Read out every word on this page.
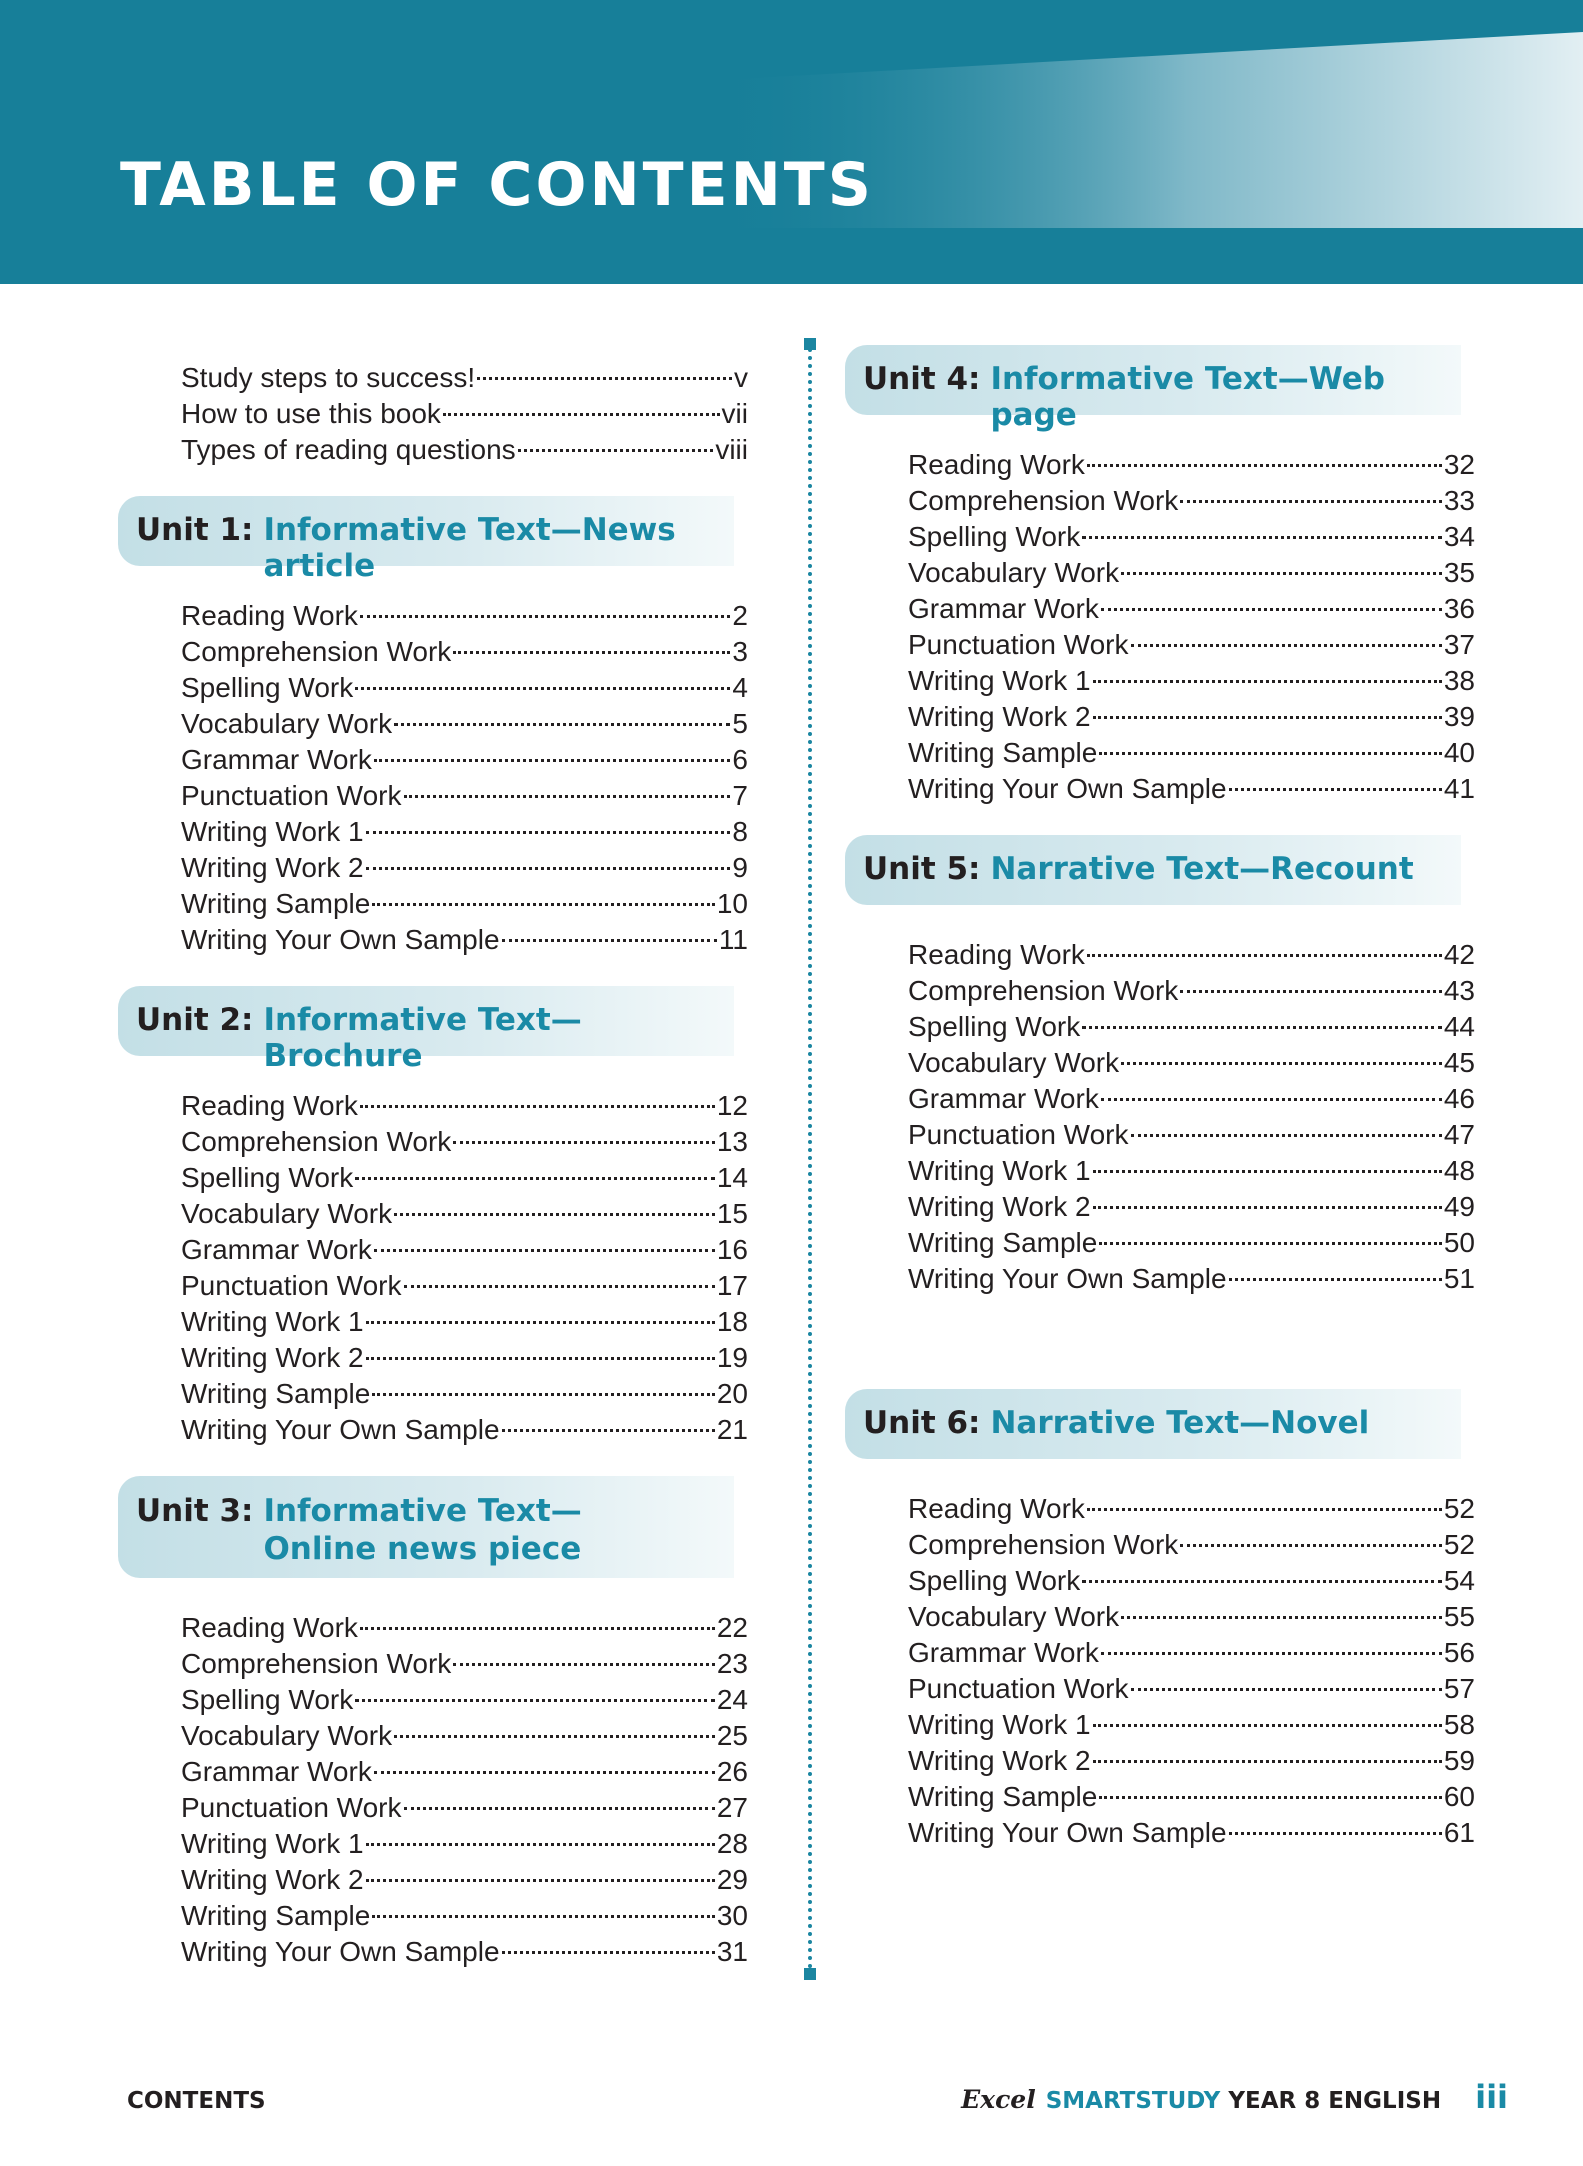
TABLE OF CONTENTS
Study steps to success!	v
How to use this book	vii
Types of reading questions	viii
Unit 1: Informative Text—News article
Reading Work	2
Comprehension Work	3
Spelling Work	4
Vocabulary Work	5
Grammar Work	6
Punctuation Work	7
Writing Work 1	8
Writing Work 2	9
Writing Sample	10
Writing Your Own Sample	11
Unit 2: Informative Text—Brochure
Reading Work	12
Comprehension Work	13
Spelling Work	14
Vocabulary Work	15
Grammar Work	16
Punctuation Work	17
Writing Work 1	18
Writing Work 2	19
Writing Sample	20
Writing Your Own Sample	21
Unit 3: Informative Text—Online news piece
Reading Work	22
Comprehension Work	23
Spelling Work	24
Vocabulary Work	25
Grammar Work	26
Punctuation Work	27
Writing Work 1	28
Writing Work 2	29
Writing Sample	30
Writing Your Own Sample	31
Unit 4: Informative Text—Web page
Reading Work	32
Comprehension Work	33
Spelling Work	34
Vocabulary Work	35
Grammar Work	36
Punctuation Work	37
Writing Work 1	38
Writing Work 2	39
Writing Sample	40
Writing Your Own Sample	41
Unit 5: Narrative Text—Recount
Reading Work	42
Comprehension Work	43
Spelling Work	44
Vocabulary Work	45
Grammar Work	46
Punctuation Work	47
Writing Work 1	48
Writing Work 2	49
Writing Sample	50
Writing Your Own Sample	51
Unit 6: Narrative Text—Novel
Reading Work	52
Comprehension Work	52
Spelling Work	54
Vocabulary Work	55
Grammar Work	56
Punctuation Work	57
Writing Work 1	58
Writing Work 2	59
Writing Sample	60
Writing Your Own Sample	61
CONTENTS	Excel SMARTSTUDY YEAR 8 ENGLISH iii
